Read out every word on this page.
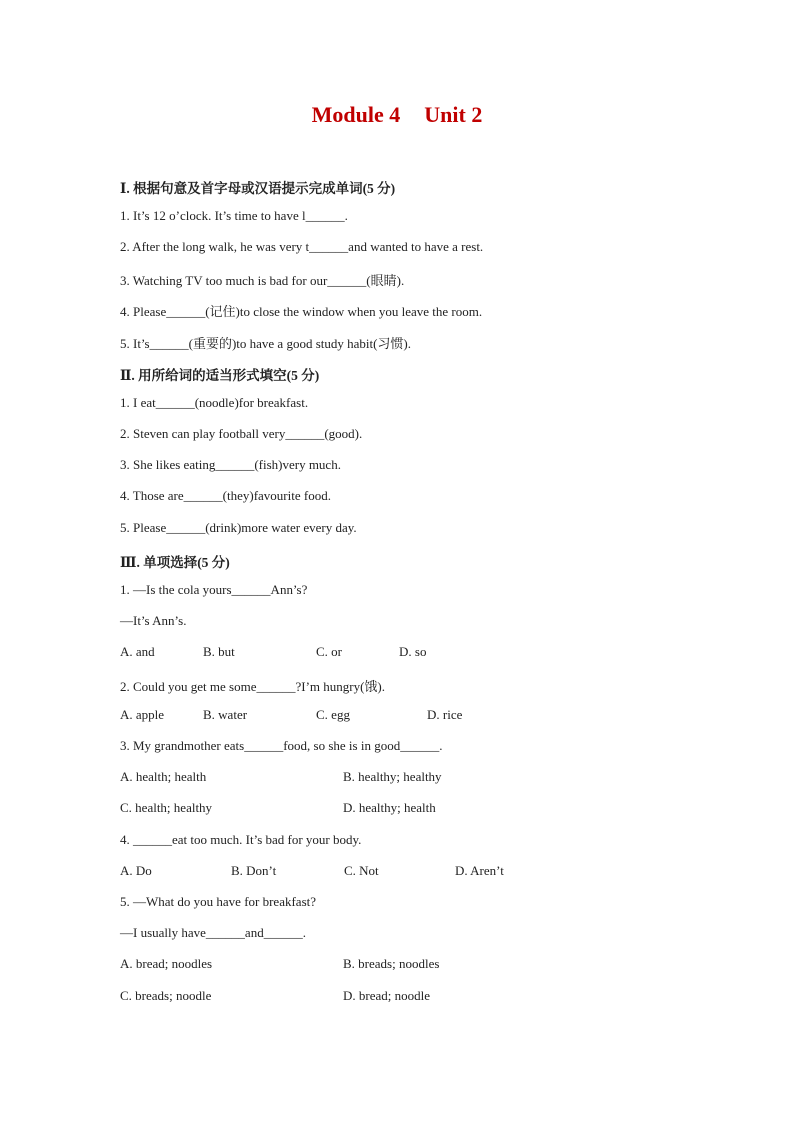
Module 4 Unit 2
Ⅰ. 根据句意及首字母或汉语提示完成单词(5 分)
1. It’s 12 o’clock. It’s time to have l______.
2. After the long walk, he was very t______and wanted to have a rest.
3. Watching TV too much is bad for our______(眼睛).
4. Please______(记住)to close the window when you leave the room.
5. It’s______(重要的)to have a good study habit(习惯).
Ⅱ. 用所给词的适当形式填空(5 分)
1. I eat______(noodle)for breakfast.
2. Steven can play football very______(good).
3. She likes eating______(fish)very much.
4. Those are______(they)favourite food.
5. Please______(drink)more water every day.
Ⅲ. 单项选择(5 分)
1. —Is the cola yours______Ann’s?
—It’s Ann’s.
A. and	B. but	C. or	D. so
2. Could you get me some______?I’m hungry(饿).
A. apple	B. water	C. egg	D. rice
3. My grandmother eats______food, so she is in good______.
A. health; health	B. healthy; healthy
C. health; healthy	D. healthy; health
4. ______eat too much. It’s bad for your body.
A. Do	B. Don’t	C. Not	D. Aren’t
5. —What do you have for breakfast?
—I usually have______and______.
A. bread; noodles	B. breads; noodles
C. breads; noodle	D. bread; noodle
